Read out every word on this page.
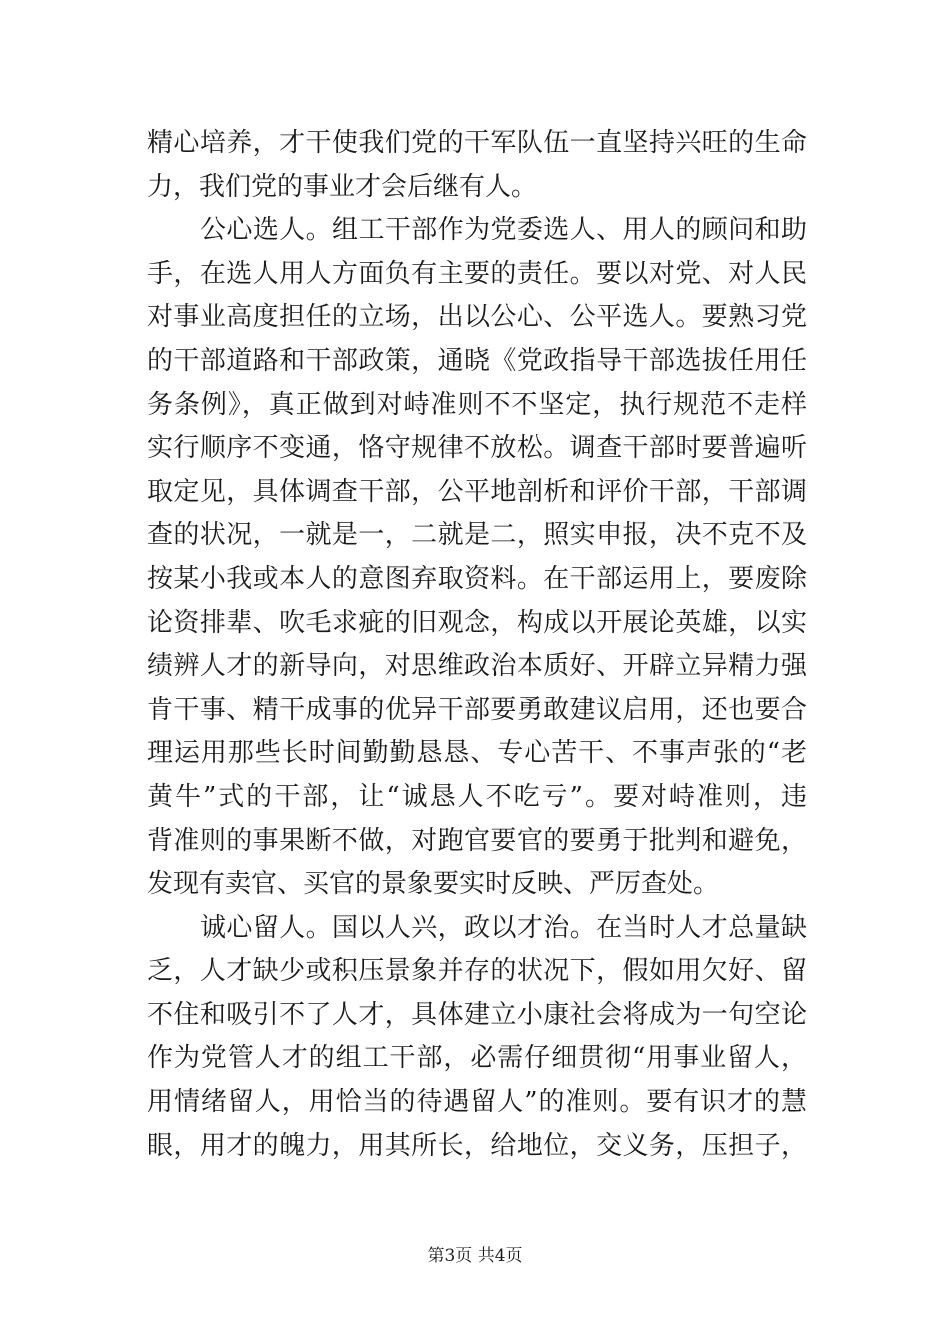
精心培养，才干使我们党的干军队伍一直坚持兴旺的生命
力，我们党的事业才会后继有人。
公心选人。组工干部作为党委选人、用人的顾问和助
手，在选人用人方面负有主要的责任。要以对党、对人民
对事业高度担任的立场，出以公心、公平选人。要熟习党
的干部道路和干部政策，通晓《党政指导干部选拔任用任
务条例》，真正做到对峙准则不不坚定，执行规范不走样
实行顺序不变通，恪守规律不放松。调查干部时要普遍听
取定见，具体调查干部，公平地剖析和评价干部，干部调
查的状况，一就是一，二就是二，照实申报，决不克不及
按某小我或本人的意图弃取资料。在干部运用上，要废除
论资排辈、吹毛求疵的旧观念，构成以开展论英雄，以实
绩辨人才的新导向，对思维政治本质好、开辟立异精力强
肯干事、精干成事的优异干部要勇敢建议启用，还也要合
理运用那些长时间勤勤恳恳、专心苦干、不事声张的“老
黄牛”式的干部，让“诚恳人不吃亏”。要对峙准则，违
背准则的事果断不做，对跑官要官的要勇于批判和避免，
发现有卖官、买官的景象要实时反映、严厉查处。
诚心留人。国以人兴，政以才治。在当时人才总量缺
乏，人才缺少或积压景象并存的状况下，假如用欠好、留
不住和吸引不了人才，具体建立小康社会将成为一句空论
作为党管人才的组工干部，必需仔细贯彻“用事业留人，
用情绪留人，用恰当的待遇留人”的准则。要有识才的慧
眼，用才的魄力，用其所长，给地位，交义务，压担子，
第3页 共4页
